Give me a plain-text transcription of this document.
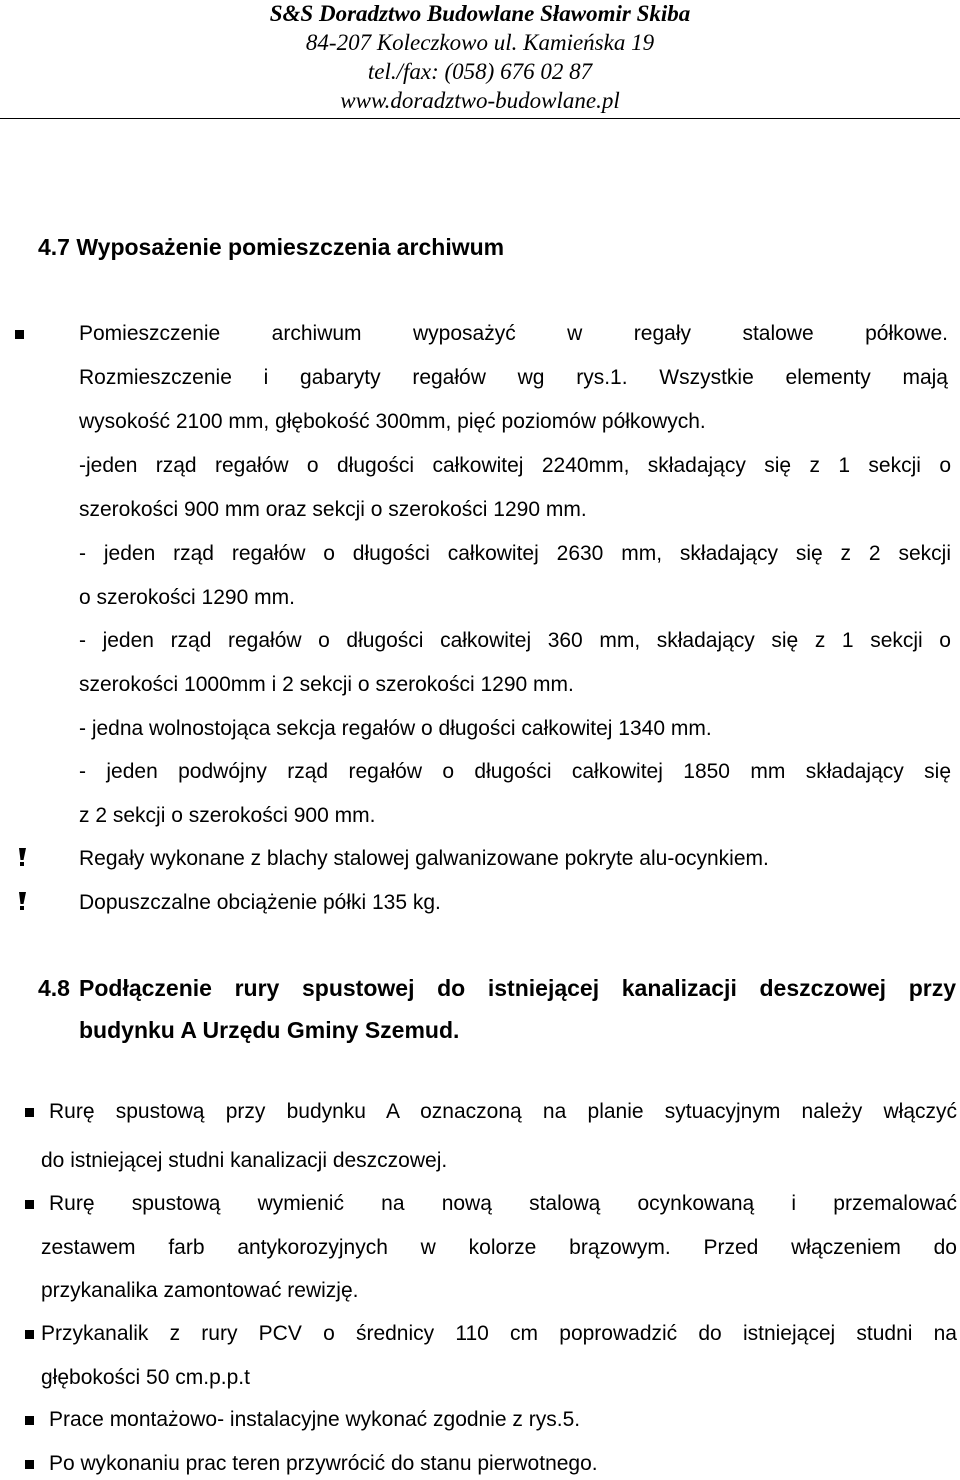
S&S Doradztwo Budowlane Sławomir Skiba
84-207 Koleczkowo ul. Kamieńska 19
tel./fax: (058) 676 02 87
www.doradztwo-budowlane.pl
4.7 Wyposażenie pomieszczenia archiwum
Pomieszczenie archiwum wyposażyć w regały stalowe półkowe.
Rozmieszczenie i gabaryty regałów wg rys.1. Wszystkie elementy mają
wysokość 2100 mm, głębokość 300mm, pięć poziomów półkowych.
-jeden rząd regałów o długości całkowitej 2240mm, składający się z 1 sekcji o
szerokości 900 mm oraz sekcji o szerokości 1290 mm.
- jeden rząd regałów o długości całkowitej 2630 mm, składający się z 2 sekcji
o szerokości 1290 mm.
- jeden rząd regałów o długości całkowitej 360 mm, składający się z 1 sekcji o
szerokości 1000mm i 2 sekcji o szerokości 1290 mm.
- jedna wolnostojąca sekcja regałów o długości całkowitej 1340 mm.
- jeden podwójny rząd regałów o długości całkowitej 1850 mm składający się
z 2 sekcji o szerokości 900 mm.
Regały wykonane z blachy stalowej galwanizowane pokryte alu-ocynkiem.
Dopuszczalne obciążenie półki 135 kg.
4.8 Podłączenie rury spustowej do istniejącej kanalizacji deszczowej przy
budynku A Urzędu Gminy Szemud.
Rurę spustową przy budynku A oznaczoną na planie sytuacyjnym należy włączyć
do istniejącej studni kanalizacji deszczowej.
Rurę spustową wymienić na nową stalową ocynkowaną i przemalować
zestawem farb antykorozyjnych w kolorze brązowym. Przed włączeniem do
przykanalika zamontować rewizję.
Przykanalik z rury PCV o średnicy 110 cm poprowadzić do istniejącej studni na
głębokości 50 cm.p.p.t
Prace montażowo- instalacyjne wykonać zgodnie z rys.5.
Po wykonaniu prac teren przywrócić do stanu pierwotnego.
